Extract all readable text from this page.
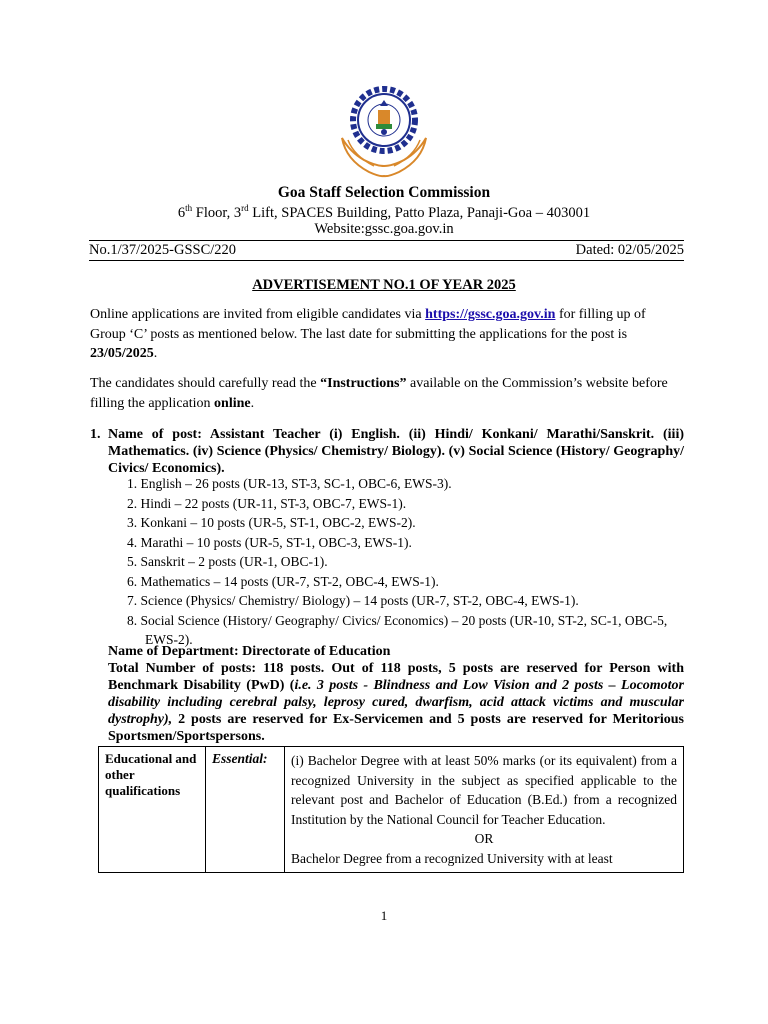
Goa Staff Selection Commission
6th Floor, 3rd Lift, SPACES Building, Patto Plaza, Panaji-Goa – 403001
Website:gssc.goa.gov.in
No.1/37/2025-GSSC/220	Dated: 02/05/2025
ADVERTISEMENT NO.1 OF YEAR 2025
Online applications are invited from eligible candidates via https://gssc.goa.gov.in for filling up of Group ‘C’ posts as mentioned below. The last date for submitting the applications for the post is 23/05/2025.
The candidates should carefully read the “Instructions” available on the Commission’s website before filling the application online.
1. Name of post: Assistant Teacher (i) English. (ii) Hindi/ Konkani/ Marathi/Sanskrit. (iii) Mathematics. (iv) Science (Physics/ Chemistry/ Biology). (v) Social Science (History/ Geography/ Civics/ Economics).
1. English – 26 posts (UR-13, ST-3, SC-1, OBC-6, EWS-3).
2. Hindi – 22 posts (UR-11, ST-3, OBC-7, EWS-1).
3. Konkani – 10 posts (UR-5, ST-1, OBC-2, EWS-2).
4. Marathi – 10 posts (UR-5, ST-1, OBC-3, EWS-1).
5. Sanskrit – 2 posts (UR-1, OBC-1).
6. Mathematics – 14 posts (UR-7, ST-2, OBC-4, EWS-1).
7. Science (Physics/ Chemistry/ Biology) – 14 posts (UR-7, ST-2, OBC-4, EWS-1).
8. Social Science (History/ Geography/ Civics/ Economics) – 20 posts (UR-10, ST-2, SC-1, OBC-5, EWS-2).
Name of Department: Directorate of Education
Total Number of posts: 118 posts. Out of 118 posts, 5 posts are reserved for Person with Benchmark Disability (PwD) (i.e. 3 posts - Blindness and Low Vision and 2 posts – Locomotor disability including cerebral palsy, leprosy cured, dwarfism, acid attack victims and muscular dystrophy), 2 posts are reserved for Ex-Servicemen and 5 posts are reserved for Meritorious Sportsmen/Sportspersons.
Educational and other qualifications	Essential:	(i) Bachelor Degree with at least 50% marks (or its equivalent) from a recognized University in the subject as specified applicable to the relevant post and Bachelor of Education (B.Ed.) from a recognized Institution by the National Council for Teacher Education.
OR
Bachelor Degree from a recognized University with at least
1
